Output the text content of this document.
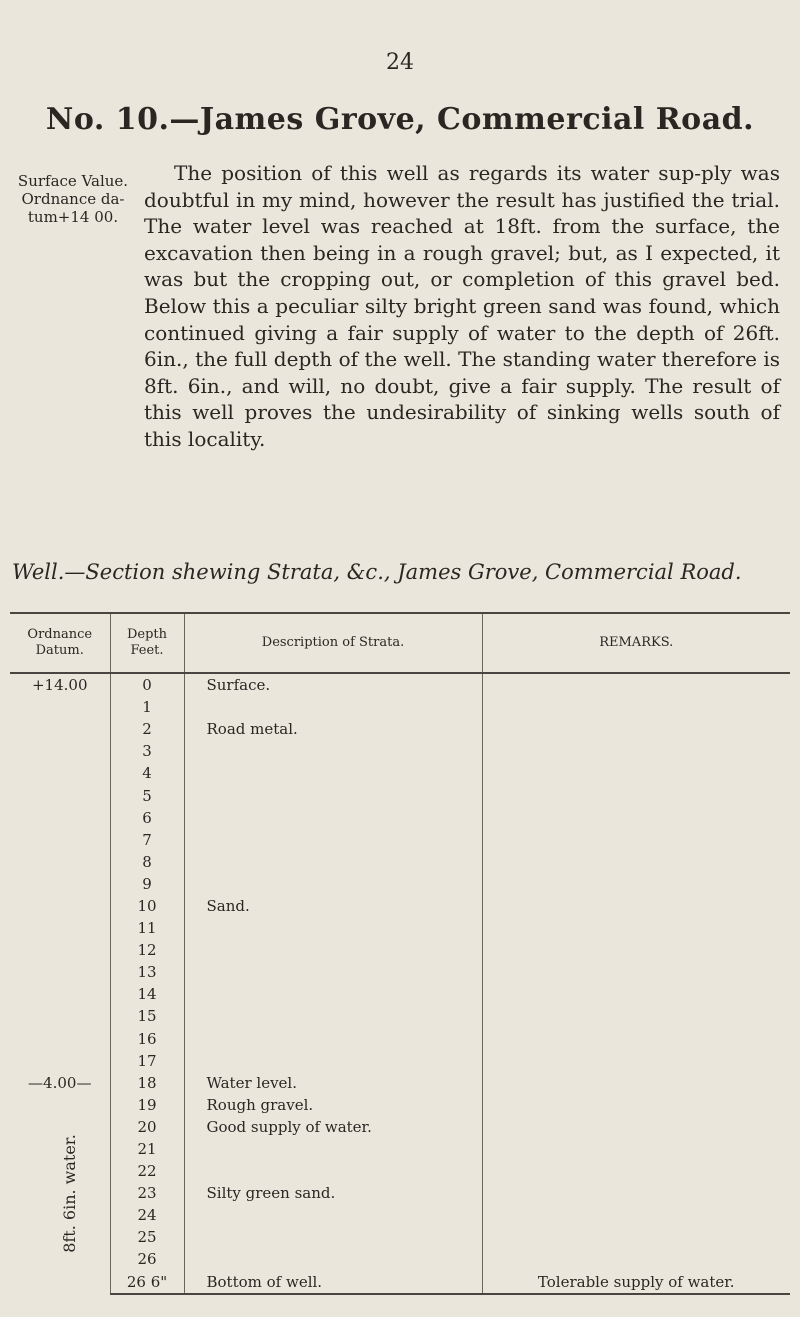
24
No. 10.—James Grove, Commercial Road.
Surface Value.
Ordnance da-
tum+14 00.

The position of this well as regards its water sup-ply was doubtful in my mind, however the result has justified the trial. The water level was reached at 18ft. from the surface, the excavation then being in a rough gravel; but, as I expected, it was but the cropping out, or completion of this gravel bed. Below this a peculiar silty bright green sand was found, which continued giving a fair supply of water to the depth of 26ft. 6in., the full depth of the well. The standing water therefore is 8ft. 6in., and will, no doubt, give a fair supply. The result of this well proves the undesirability of sinking wells south of this locality.

Well.—Section shewing Strata, &c., James Grove, Commercial Road.
Ordnance Datum.	Depth Feet.	Description of Strata.	REMARKS.
+14.00	0	Surface.	
	1		
	2	Road metal.	
	3		
	4		
	5		
	6		
	7		
	8		
	9		
	10	Sand.	
	11		
	12		
	13		
	14		
	15		
	16		
	17		
—4.00—	18	Water level.	
8ft. 6in. water.	19	Rough gravel.	
	20	Good supply of water.	
	21		
	22		
	23	Silty green sand.	
	24		
	25		
	26		
	26 6"	Bottom of well.	Tolerable supply of water.
